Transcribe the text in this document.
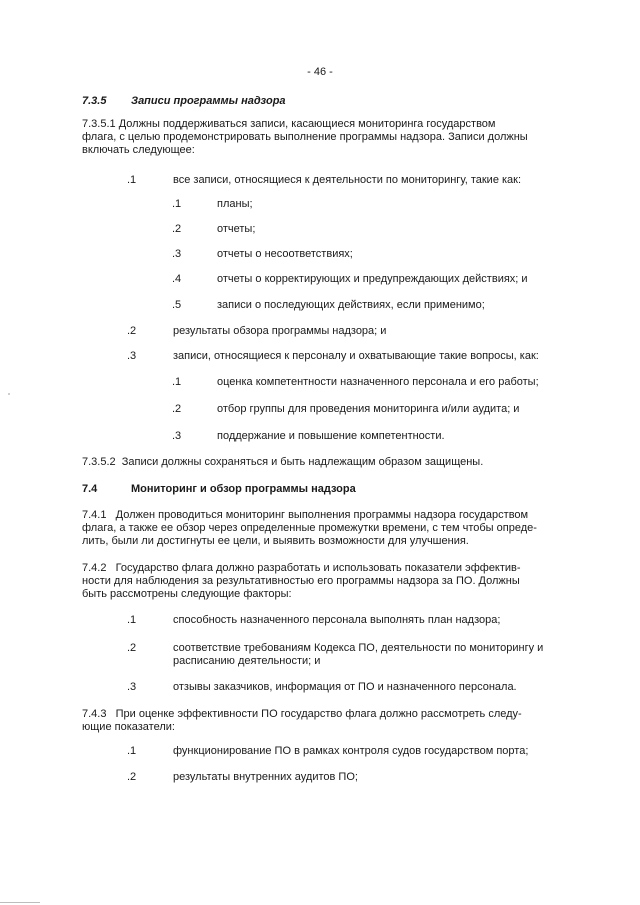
- 46 -
7.3.5 Записи программы надзора
7.3.5.1 Должны поддерживаться записи, касающиеся мониторинга государством
флага, с целью продемонстрировать выполнение программы надзора. Записи должны
включать следующее:
.1	все записи, относящиеся к деятельности по мониторингу, такие как:
.1	планы;
.2	отчеты;
.3	отчеты о несоответствиях;
.4	отчеты о корректирующих и предупреждающих действиях; и
.5	записи о последующих действиях, если применимо;
.2	результаты обзора программы надзора; и
.3	записи, относящиеся к персоналу и охватывающие такие вопросы, как:
.1	оценка компетентности назначенного персонала и его работы;
.2	отбор группы для проведения мониторинга и/или аудита; и
.3	поддержание и повышение компетентности.
7.3.5.2 Записи должны сохраняться и быть надлежащим образом защищены.
7.4	Мониторинг и обзор программы надзора
7.4.1 Должен проводиться мониторинг выполнения программы надзора государством
флага, а также ее обзор через определенные промежутки времени, с тем чтобы опреде-
лить, были ли достигнуты ее цели, и выявить возможности для улучшения.
7.4.2 Государство флага должно разработать и использовать показатели эффектив-
ности для наблюдения за результативностью его программы надзора за ПО. Должны
быть рассмотрены следующие факторы:
.1	способность назначенного персонала выполнять план надзора;
.2	соответствие требованиям Кодекса ПО, деятельности по мониторингу и
расписанию деятельности; и
.3	отзывы заказчиков, информация от ПО и назначенного персонала.
7.4.3 При оценке эффективности ПО государство флага должно рассмотреть следу-
ющие показатели:
.1	функционирование ПО в рамках контроля судов государством порта;
.2	результаты внутренних аудитов ПО;
